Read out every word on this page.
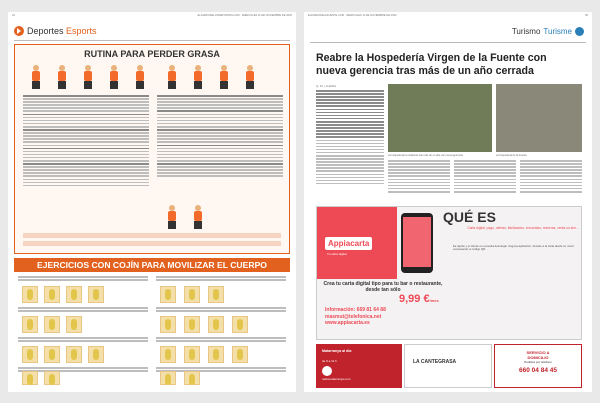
34	ELDIARIODELOSDEPORTES.COM · MIÉRCOLES 11 DE NOVIEMBRE DE 2020
Deportes Esports
RUTINA PARA PERDER GRASA
EJERCICIOS CON COJÍN PARA MOVILIZAR EL CUERPO
ELDIARIODELAFUENTE.COM · MIÉRCOLES 11 DE NOVIEMBRE DE 2020	35
Turismo Turisme
Reabre la Hospedería Virgen de la Fuente con nueva gerencia tras más de un año cerrada
Q. M. | LLEIDA
La hospedería ha reabierto tras más de un año con nueva gerencia.	La hospedería de la Fuente.
Appiacarta
Tu carta digital
QUÉ ES
Carta digital, pago, ofertas, fidelización, encuestas, reservas, venta on-line...
Es rápido y el cliente no necesita descargar ninguna aplicación. Accede a la carta desde su móvil escaneando el código QR.
Crea tu carta digital tipo para tu bar o restaurante, desde tan sólo
9,99 €/mes
Información: 669 81 64 88
masmut@telefonica.net
www.appiacarta.es
Matarranya al dia
de 9 a 11 h
radiomatarranya.com
LA CANTEGRASA
SERVICIO A
DOMICILIO
Pedidos por teléfono
660 04 84 45
